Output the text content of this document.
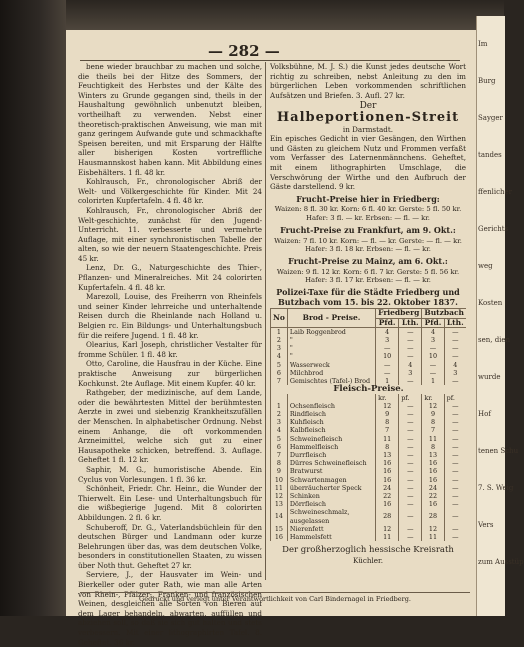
— 282 —

bene wieder brauchbar zu machen und solche, die theils bei der Hitze des Sommers, der Feuchtigkeit des Herbstes und der Kälte des Winters zu Grunde gegangen sind, theils in der Haushaltung gewöhnlich unbenutzt bleiben, vortheilhaft zu verwenden. Nebst einer theoretisch-praktischen Anweisung, wie man mit ganz geringem Aufwande gute und schmackhafte Speisen bereiten, und mit Ersparung der Hälfte aller bisherigen Kosten vortreffliche Hausmannskost haben kann. Mit Abbildung eines Eisbehälters. 1 fl. 48 kr.

Kohlrausch, Fr., chronologischer Abriß der Welt- und Völkergeschichte für Kinder. Mit 24 colorirten Kupfertafeln. 4 fl. 48 kr.

Kohlrausch, Fr., chronologischer Abriß der Welt-geschichte, zunächst für den Jugend- Unterricht. 11. verbesserte und vermehrte Auflage, mit einer synchronistischen Tabelle der alten, so wie der neuern Staatengeschichte. Preis 45 kr.

Lenz, Dr. G., Naturgeschichte des Thier-, Pflanzen- und Mineralreiches. Mit 24 colorirten Kupfertafeln. 4 fl. 48 kr.

Marezoll, Louise, des Freiherrn von Rheinfels und seiner Kinder lehrreiche und unterhaltende Reisen durch die Rheinlande nach Holland u. Belgien rc. Ein Bildungs- und Unterhaltungsbuch für die reifere Jugend. 1 fl. 48 kr.

Olearius, Karl Joseph, christlicher Vestalter für fromme Schüler. 1 fl. 48 kr.

Otto, Caroline, die Hausfrau in der Küche. Eine praktische Anweisung zur bürgerlichen Kochkunst. 2te Auflage. Mit einem Kupfer. 40 kr.

Rathgeber, der medizinische, auf dem Lande, oder die bewährtesten Mittel der berühmtesten Aerzte in zwei und siebenzig Krankheitszufällen der Menschen. In alphabetischer Ordnung. Nebst einem Anhange, die oft vorkommenden Arzneimittel, welche sich gut zu einer Hausapotheke schicken, betreffend. 3. Auflage. Geheftet 1 fl. 12 kr.

Saphir, M. G., humoristische Abende. Ein Cyclus von Vorlesungen. 1 fl. 36 kr.

Schönheit, Friedr. Chr. Heinr., die Wunder der Thierwelt. Ein Lese- und Unterhaltungsbuch für die wißbegierige Jugend. Mit 8 colorirten Abbildungen. 2 fl. 6 kr.

Schuberoff, Dr. G., Vaterlandsbüchlein für den deutschen Bürger und Landmann oder kurze Belehrungen über das, was dem deutschen Volke, besonders in constitutionellen Staaten, zu wissen über Noth thut. Geheftet 27 kr.

Serviere, J., der Hausvater im Wein- und Bierkeller oder guter Rath, wie man alle Arten von Rhein-, Pfälzer-, Franken- und französischen Weinen, desgleichen alle Sorten von Bieren auf dem Lager behandeln, abwarten, auffüllen und abziehen soll, so daß sie sich gut halten und stets verbessern. Mit einer lithographirten Tafel. 8. Geheftet. 36 kr.

Volksbühne, M. J. S.) die Kunst jedes deutsche Wort richtig zu schreiben, nebst Anleitung zu den im bürgerlichen Leben vorkommenden schriftlichen Aufsätzen und Briefen. 3. Aufl. 27 kr.

Der
Halbeportionen-Streit
in Darmstadt.

Ein episches Gedicht in vier Gesängen, den Wirthen und Gästen zu gleichem Nutz und Frommen verfaßt vom Verfasser des Laternenmännchens. Geheftet, mit einem lithographirten Umschlage, die Verschwörung der Wirthe und den Aufbruch der Gäste darstellend. 9 kr.

Frucht-Preise hier in Friedberg:
Waizen: 8 fl. 30 kr. Korn: 6 fl. 40 kr. Gerste: 5 fl. 50 kr. Hafer: 3 fl. — kr. Erbsen: — fl. — kr.
Frucht-Preise zu Frankfurt, am 9. Okt.:
Waizen: 7 fl. 10 kr. Korn: — fl. — kr. Gerste: — fl. — kr. Hafer: 3 fl. 18 kr. Erbsen: — fl. — kr.
Frucht-Preise zu Mainz, am 6. Okt.:
Waizen: 9 fl. 12 kr. Korn: 6 fl. 7 kr. Gerste: 5 fl. 56 kr. Hafer: 3 fl. 17 kr. Erbsen: — fl. — kr.
Polizei-Taxe für die Städte Friedberg und Butzbach vom 15. bis 22. Oktober 1837.
No	Brod - Preise.	Friedberg		Butzbach	
		Pfd.	Lth.	Pfd.	Lth.
1	Laib Roggenbrod	4	—	4	—
2	"	3	—	3	—
3	"	—	—	—	—
4	"	10	—	10	—
5	Wasserweck	—	4	—	4
6	Milchbrod	—	3	—	3
7	Gemischtes (Tafel-) Brod	1	—	1	—
Fleisch-Preise.					
		kr.	pf.	kr.	pf.
1	Ochsenfleisch	12	—	12	—
2	Rindfleisch	9	—	9	—
3	Kuhfleisch	8	—	8	—
4	Kalbfleisch	7	—	7	—
5	Schweinefleisch	11	—	11	—
6	Hammelfleisch	8	—	8	—
7	Durrfleisch	13	—	13	—
8	Dürres Schweinefleisch	16	—	16	—
9	Bratwurst	16	—	16	—
10	Schwartenmagen	16	—	16	—
11	überräucherter Speck	24	—	24	—
12	Schinken	22	—	22	—
13	Dörrfleisch	16	—	16	—
14	Schweineschmalz, ausgelassen	28	—	28	—
15	Nierenfett	12	—	12	—
16	Hammelsfett	11	—	11	—
Der großherzoglich hessische Kreisrath
Küchler.
Gedruckt und verlegt unter Verantwortlichkeit von Carl Bindernagel in Friedberg.
Im
Burg
Sayger
tandes
ffenlicher
Gerichts
weg
Kosten
sen, dien
wurde
Hof
tenen Schu
7. S. Weig
Vers
zum Ausstüp
